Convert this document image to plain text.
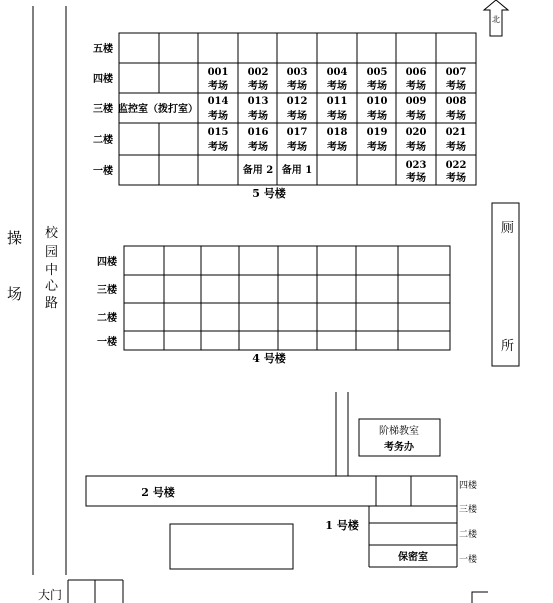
操
场
校
园
中
心
路
北
五楼
四楼
三楼
二楼
一楼
监控室（拨打室）
001
考场
002
考场
003
考场
004
考场
005
考场
006
考场
007
考场
014
考场
013
考场
012
考场
011
考场
010
考场
009
考场
008
考场
015
考场
016
考场
017
考场
018
考场
019
考场
020
考场
021
考场
备用 2 备用 1	023
考场
022
考场
5 号楼
四楼
三楼
二楼
一楼
4 号楼
厕
所
阶梯教室
考务办
2 号楼	四楼
三楼
二楼
一楼
1 号楼
保密室
大门
